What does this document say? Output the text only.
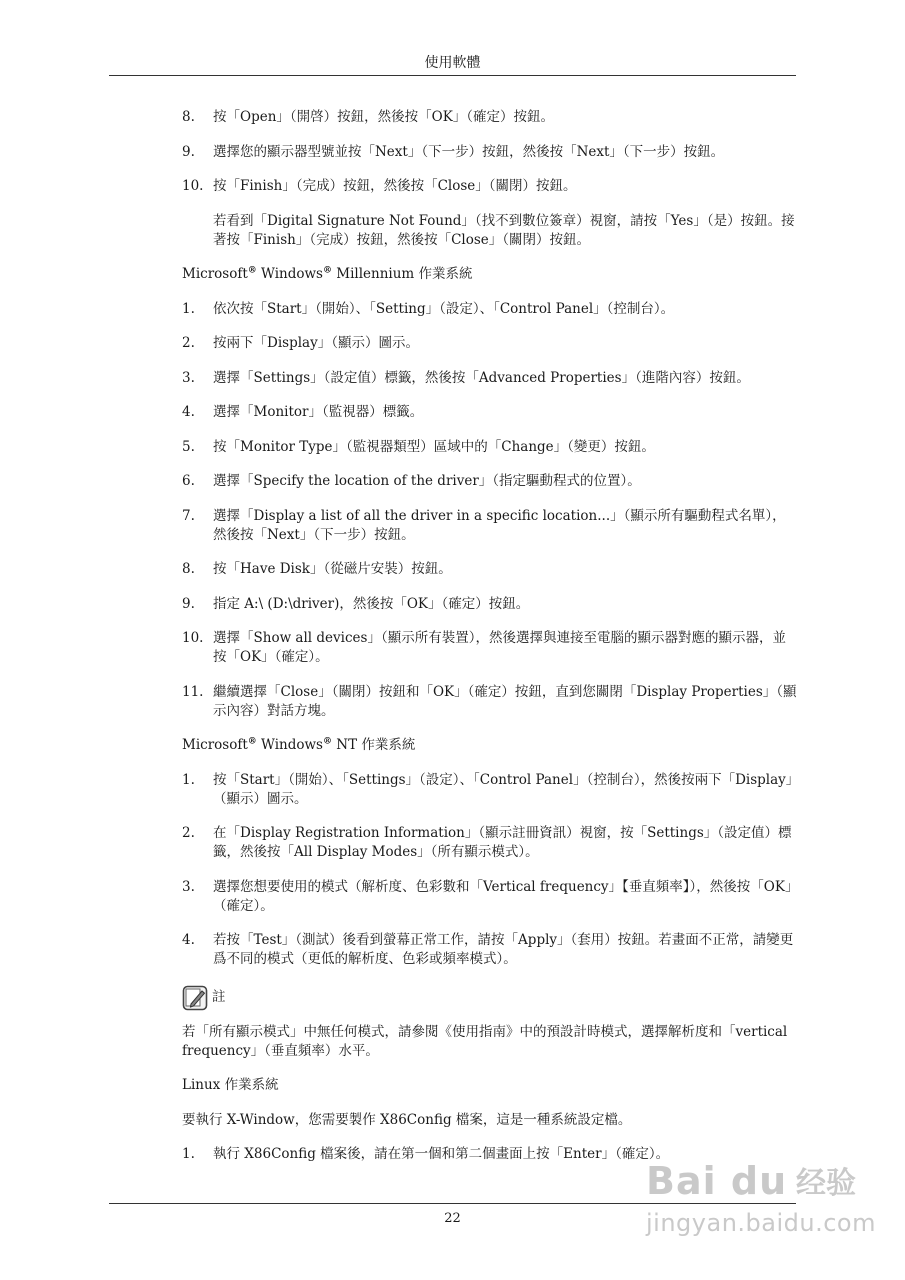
使用軟體
8.	按「Open」（開啓）按鈕，然後按「OK」（確定）按鈕。
9.	選擇您的顯示器型號並按「Next」（下一步）按鈕，然後按「Next」（下一步）按鈕。
10. 按「Finish」（完成）按鈕，然後按「Close」（關閉）按鈕。

若看到「Digital Signature Not Found」（找不到數位簽章）視窗，請按「Yes」（是）按鈕。接著按「Finish」（完成）按鈕，然後按「Close」（關閉）按鈕。

Microsoft® Windows® Millennium 作業系統
1.	依次按「Start」（開始）、「Setting」（設定）、「Control Panel」（控制台）。
2.	按兩下「Display」（顯示）圖示。
3.	選擇「Settings」（設定值）標籤，然後按「Advanced Properties」（進階內容）按鈕。
4.	選擇「Monitor」（監視器）標籤。
5.	按「Monitor Type」（監視器類型）區域中的「Change」（變更）按鈕。
6.	選擇「Specify the location of the driver」（指定驅動程式的位置）。
7.	選擇「Display a list of all the driver in a specific location...」（顯示所有驅動程式名單），然後按「Next」（下一步）按鈕。
8.	按「Have Disk」（從磁片安裝）按鈕。
9.	指定 A:\ (D:\driver)，然後按「OK」（確定）按鈕。
10. 選擇「Show all devices」（顯示所有裝置），然後選擇與連接至電腦的顯示器對應的顯示器，並按「OK」（確定）。
11. 繼續選擇「Close」（關閉）按鈕和「OK」（確定）按鈕，直到您關閉「Display Properties」（顯示內容）對話方塊。
Microsoft® Windows® NT 作業系統
1.	按「Start」（開始）、「Settings」（設定）、「Control Panel」（控制台），然後按兩下「Display」（顯示）圖示。
2.	在「Display Registration Information」（顯示註冊資訊）視窗，按「Settings」（設定值）標籤，然後按「All Display Modes」（所有顯示模式）。
3.	選擇您想要使用的模式（解析度、色彩數和「Vertical frequency」【垂直頻率】），然後按「OK」（確定）。
4.	若按「Test」（測試）後看到螢幕正常工作，請按「Apply」（套用）按鈕。若畫面不正常，請變更爲不同的模式（更低的解析度、色彩或頻率模式）。
註

若「所有顯示模式」中無任何模式，請參閱《使用指南》中的預設計時模式，選擇解析度和「vertical frequency」（垂直頻率）水平。

Linux 作業系統

要執行 X-Window，您需要製作 X86Config 檔案，這是一種系統設定檔。

1.	執行 X86Config 檔案後，請在第一個和第二個畫面上按「Enter」（確定）。
22
Bai du 经验
jingyan.baidu.com
